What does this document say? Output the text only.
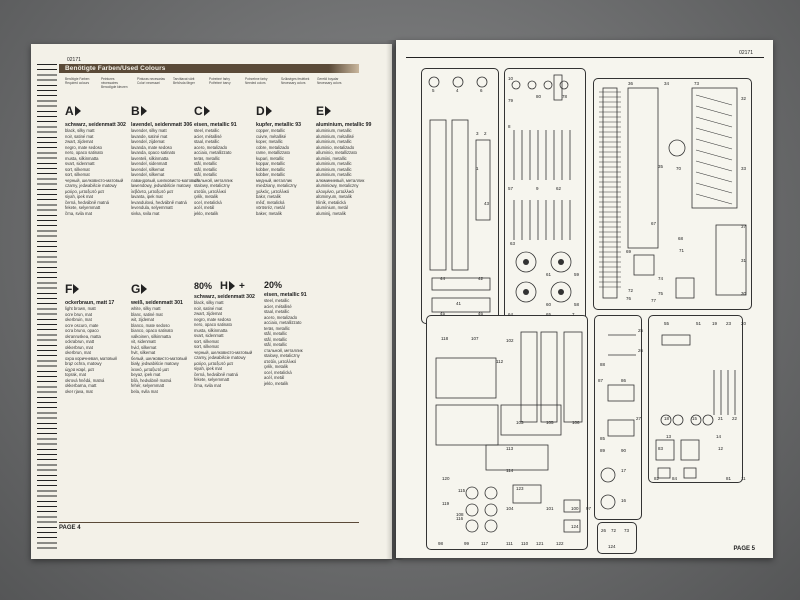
02171
Benötigte Farben/Used Colours
Benötigte Farben
Required colours
Peintures nécessaires
Benodigde kleuren
Pinturas necesarias
Colori necessari
Tarvittavat värit
Behövda färger
Potrebné farby
Potřebné barvy
Potrzebne farby
Needed colors
Szükséges festékek
Necessary colors
Gerekli boyalar
Necessary colors
A
schwarz, seidenmatt 302
black, silky matt
noir, satiné mat
zwart, zijdemat
negro, mate sedoso
nero, opaco satinato
musta, silkinmatta
svart, sidenmatt
sort, silkemat
sort, silkemat
черный, шелковисто-матовый
czarny, jedwabiście matowy
μαύρο, μεταξωτό ματ
siyah, ipek mat
černá, hedvábně matná
fekete, selyemmatt
črna, svila mat
B
lavendel, seidenmatt 306
lavender, silky matt
lavande, satiné mat
lavendel, zijdemat
lavanda, mate sedoso
lavanda, opaco satinato
laventeli, silkinmatta
lavendel, sidenmatt
lavendel, silkemat
lavendel, silkemat
лавандовый, шелковисто-матовый
lawendowy, jedwabiście matowy
λεβάντα, μεταξωτό ματ
lavanta, ipek mat
levandulová, hedvábně matná
levendula, selyemmatt
sivka, svila mat
C
eisen, metallic 91
steel, metallic
acier, métallisé
staal, metallic
acero, metalizado
acciaio, metallizzato
teräs, metallic
stål, metallic
stål, metallic
stål, metallic
стальной, металлик
stalowy, metaliczny
ατσάλι, μεταλλικό
çelik, metalik
ocel, metalická
acél, metál
jeklo, metalik
D
kupfer, metallic 93
copper, metallic
cuivre, métallisé
koper, metallic
cobre, metalizado
rame, metallizzato
kupari, metallic
koppar, metallic
kobber, metallic
kobber, metallic
медный, металлик
miedziany, metaliczny
χαλκός, μεταλλικό
bakır, metalik
měď, metalická
vörösréz, metál
baker, metalik
E
aluminium, metallic 99
aluminium, metallic
aluminium, métallisé
aluminium, metallic
aluminio, metalizado
alluminio, metallizzato
alumiini, metallic
aluminium, metallic
aluminium, metallic
aluminium, metallic
алюминиевый, металлик
aluminiowy, metaliczny
αλουμίνιο, μεταλλικό
alüminyum, metalik
hliník, metalická
alumínium, metál
aluminij, metalik
F
ockerbraun, matt 17
light brown, matt
ocre brun, mat
okerbruin, mat
ocre oscuro, mate
ocra bruno, opaco
okranruskea, matta
ockrabrun, matt
okkerbrun, mat
okerbrun, mat
охра коричневая, матовый
brąz ochra, matowy
ώχρα καφέ, ματ
toprak, mat
okrová hnědá, matná
okkerbarna, matt
oker rjava, mat
G
weiß, seidenmatt 301
white, silky matt
blanc, satiné mat
wit, zijdemat
blanco, mate sedoso
bianco, opaco satinato
valkoinen, silkinmatta
vit, sidenmatt
hvid, silkemat
hvit, silkemat
белый, шелковисто-матовый
biały, jedwabiście matowy
λευκό, μεταξωτό ματ
beyaz, ipek mat
bílá, hedvábně matná
fehér, selyemmatt
bela, svila mat
80% H +
schwarz, seidenmatt 302
black, silky matt
noir, satiné mat
zwart, zijdemat
negro, mate sedoso
nero, opaco satinato
musta, silkinmatta
svart, sidenmatt
sort, silkemat
sort, silkemat
черный, шелковисто-матовый
czarny, jedwabiście matowy
μαύρο, μεταξωτό ματ
siyah, ipek mat
černá, hedvábně matná
fekete, selyemmatt
črna, svila mat
20%
eisen, metallic 91
steel, metallic
acier, métallisé
staal, metallic
acero, metalizado
acciaio, metallizzato
teräs, metallic
stål, metallic
stål, metallic
stål, metallic
стальной, металлик
stalowy, metaliczny
ατσάλι, μεταλλικό
çelik, metalik
ocel, metalická
acél, metál
jeklo, metalik
PAGE 4
02171
5	4	6
3 2
1
43
44	42
41
45	46
10
79
80	78
8
57	9	62
63
61
60
59
58
64	65	7
36	34	73
32
33
35	70
67
68
69	71
72
74
75
76	77
37
31
30
118	107
112
102
103	105	106
113
114
120
119
108
115
116
104	101	100 97
98	99	117	111 110 121	122
123
124
25
26
88
87	86
27
85
89	90
17
16
55	51 19 23 20
18	15	21 22
13	14
12
83
84
82	81 11
26 72 73
124	PAGE 5
